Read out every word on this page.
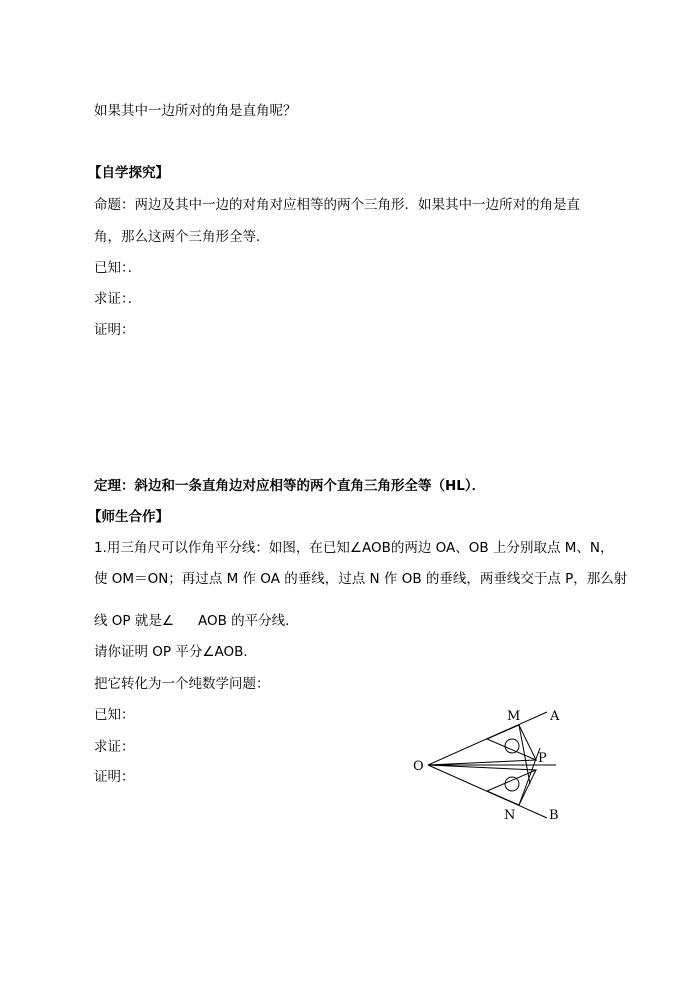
如果其中一边所对的角是直角呢？
【自学探究】
命题：两边及其中一边的对角对应相等的两个三角形．如果其中一边所对的角是直
角，那么这两个三角形全等．
已知：．
求证：．
证明：
定理：斜边和一条直角边对应相等的两个直角三角形全等（HL）．
【师生合作】
1.用三角尺可以作角平分线：如图，在已知∠AOB的两边 OA、OB 上分别取点 M、N，
使 OM＝ON；再过点 M 作 OA 的垂线，过点 N 作 OB 的垂线，两垂线交于点 P，那么射
线 OP 就是∠ AOB 的平分线．
请你证明 OP 平分∠AOB．
把它转化为一个纯数学问题：
已知：
求证：
证明：
O
M A
P
N	B
